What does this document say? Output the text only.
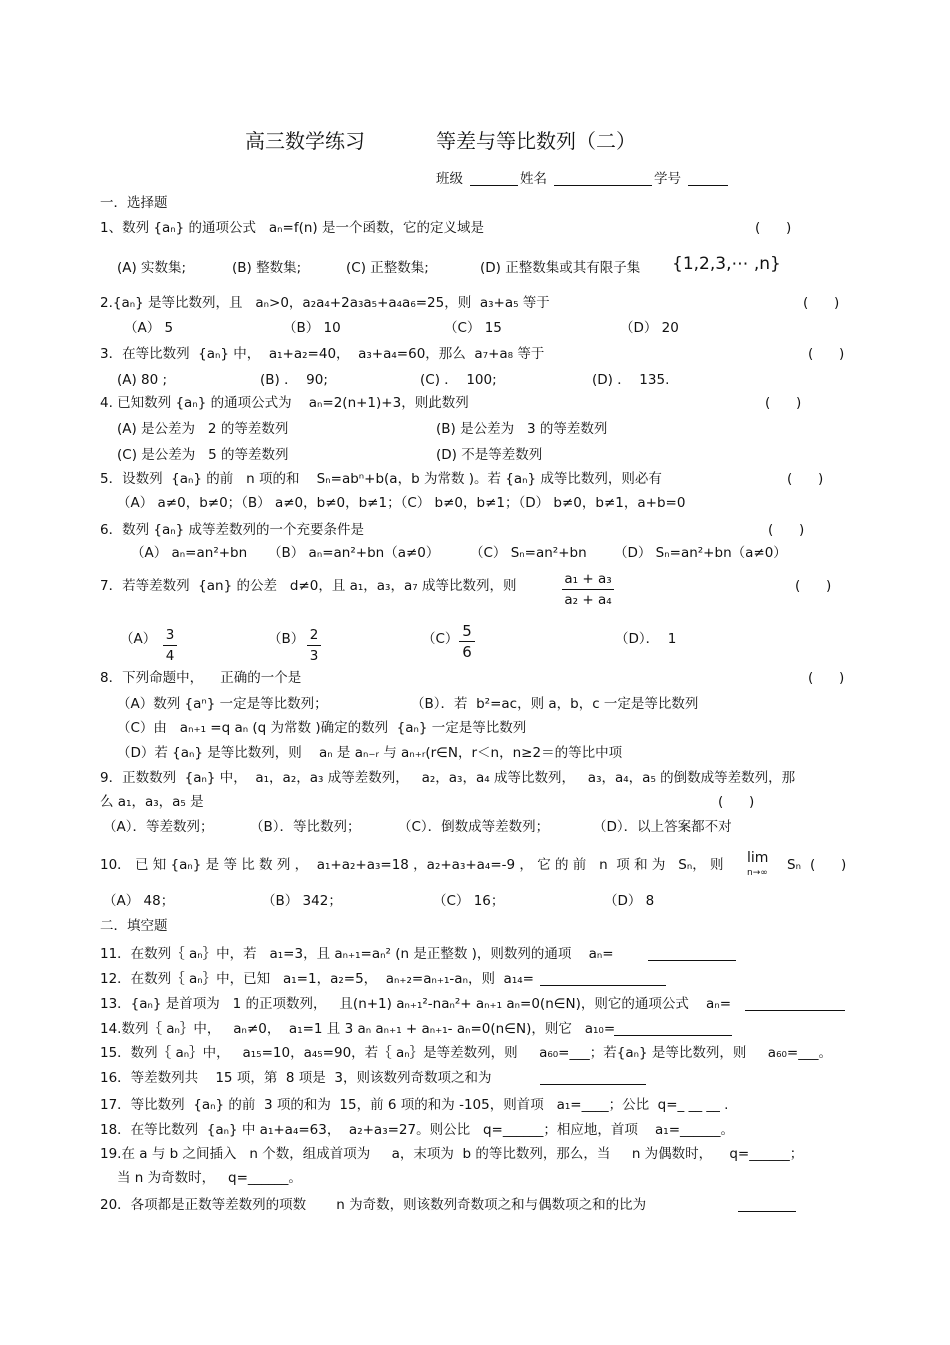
高三数学练习	等差与等比数列（二）
班级	姓名	学号
一．选择题
1、数列 {aₙ} 的通项公式   aₙ=f(n) 是一个函数，它的定义域是	(      )
(A) 实数集;	(B) 整数集;	(C) 正整数集;	(D) 正整数集或其有限子集 {1,2,3,⋯ ,n}
2.{aₙ} 是等比数列，且   aₙ>0，a₂a₄+2a₃a₅+a₄a₆=25，则  a₃+a₅ 等于	(      )
（A） 5	（B） 10	（C） 15	（D） 20
3．在等比数列  {aₙ} 中，  a₁+a₂=40，  a₃+a₄=60，那么  a₇+a₈ 等于	(      )
(A) 80 ;	(B) ．  90;	(C) ．  100;	(D) ．  135.
4. 已知数列 {aₙ} 的通项公式为    aₙ=2(n+1)+3，则此数列	(      )
(A) 是公差为   2 的等差数列	(B) 是公差为   3 的等差数列
(C) 是公差为   5 的等差数列	(D) 不是等差数列
5．设数列  {aₙ} 的前   n 项的和    Sₙ=abⁿ+b(a，b 为常数 )。若 {aₙ} 成等比数列，则必有	(      )
（A） a≠0，b≠0；（B） a≠0，b≠0，b≠1；（C） b≠0，b≠1；（D） b≠0，b≠1，a+b=0
6．数列 {aₙ} 成等差数列的一个充要条件是	(      )
（A） aₙ=an²+bn （B） aₙ=an²+bn（a≠0） （C） Sₙ=an²+bn （D） Sₙ=an²+bn（a≠0）
7．若等差数列  {an} 的公差   d≠0，且 a₁，a₃，a₇ 成等比数列，则	a₁ + a₃
a₂ + a₄
(      )
（A） 3
4
（B） 2
3
（C） 5
6
（D）．  1
8．下列命题中，    正确的一个是	(      )
（A）数列 {aⁿ} 一定是等比数列；	（B）．若  b²=ac，则 a，b，c 一定是等比数列
（C）由   aₙ₊₁ =q aₙ (q 为常数 )确定的数列  {aₙ} 一定是等比数列
（D）若 {aₙ} 是等比数列，则    aₙ 是 aₙ₋ᵣ 与 aₙ₊ᵣ(r∈N，r＜n，n≥2＝的等比中项
9．正数数列  {aₙ} 中，  a₁，a₂，a₃ 成等差数列，   a₂，a₃，a₄ 成等比数列，   a₃，a₄，a₅ 的倒数成等差数列，那
么 a₁，a₃，a₅ 是	(      )
（A）．等差数列；	（B）．等比数列；	（C）．倒数成等差数列；	（D）．以上答案都不对
10． 已 知 {aₙ} 是 等 比 数 列 ，  a₁+a₂+a₃=18 ，a₂+a₃+a₄=-9 ， 它 的 前   n  项 和 为   Sₙ， 则 lim
n→∞ Sₙ (      )
（A） 48；	（B） 342；	（C） 16；	（D） 8
二．填空题
11．在数列｛ aₙ｝中，若   a₁=3，且 aₙ₊₁=aₙ² (n 是正整数 )，则数列的通项    aₙ=
12．在数列｛ aₙ｝中，已知   a₁=1，a₂=5，  aₙ₊₂=aₙ₊₁-aₙ，则  a₁₄=
13．{aₙ} 是首项为   1 的正项数列，   且(n+1) aₙ₊₁²-naₙ²+ aₙ₊₁ aₙ=0(n∈N)，则它的通项公式    aₙ=
14.数列｛ aₙ｝中，   aₙ≠0，  a₁=1 且 3 aₙ aₙ₊₁ + aₙ₊₁- aₙ=0(n∈N)，则它   a₁₀=
15．数列｛ aₙ｝中，   a₁₅=10，a₄₅=90，若｛ aₙ｝是等差数列，则     a₆₀=___；若{aₙ} 是等比数列，则     a₆₀=___。
16．等差数列共    15 项，第  8 项是  3，则该数列奇数项之和为
17．等比数列  {aₙ} 的前  3 项的和为  15，前 6 项的和为 -105，则首项   a₁=____；公比  q=_ __ __ .
18．在等比数列  {aₙ} 中 a₁+a₄=63，  a₂+a₃=27。则公比   q=______；相应地，首项    a₁=______。
19.在 a 与 b 之间插入   n 个数，组成首项为     a，末项为  b 的等比数列，那么，当     n 为偶数时，    q=______；
当 n 为奇数时，   q=______。
20．各项都是正数等差数列的项数       n 为奇数，则该数列奇数项之和与偶数项之和的比为
